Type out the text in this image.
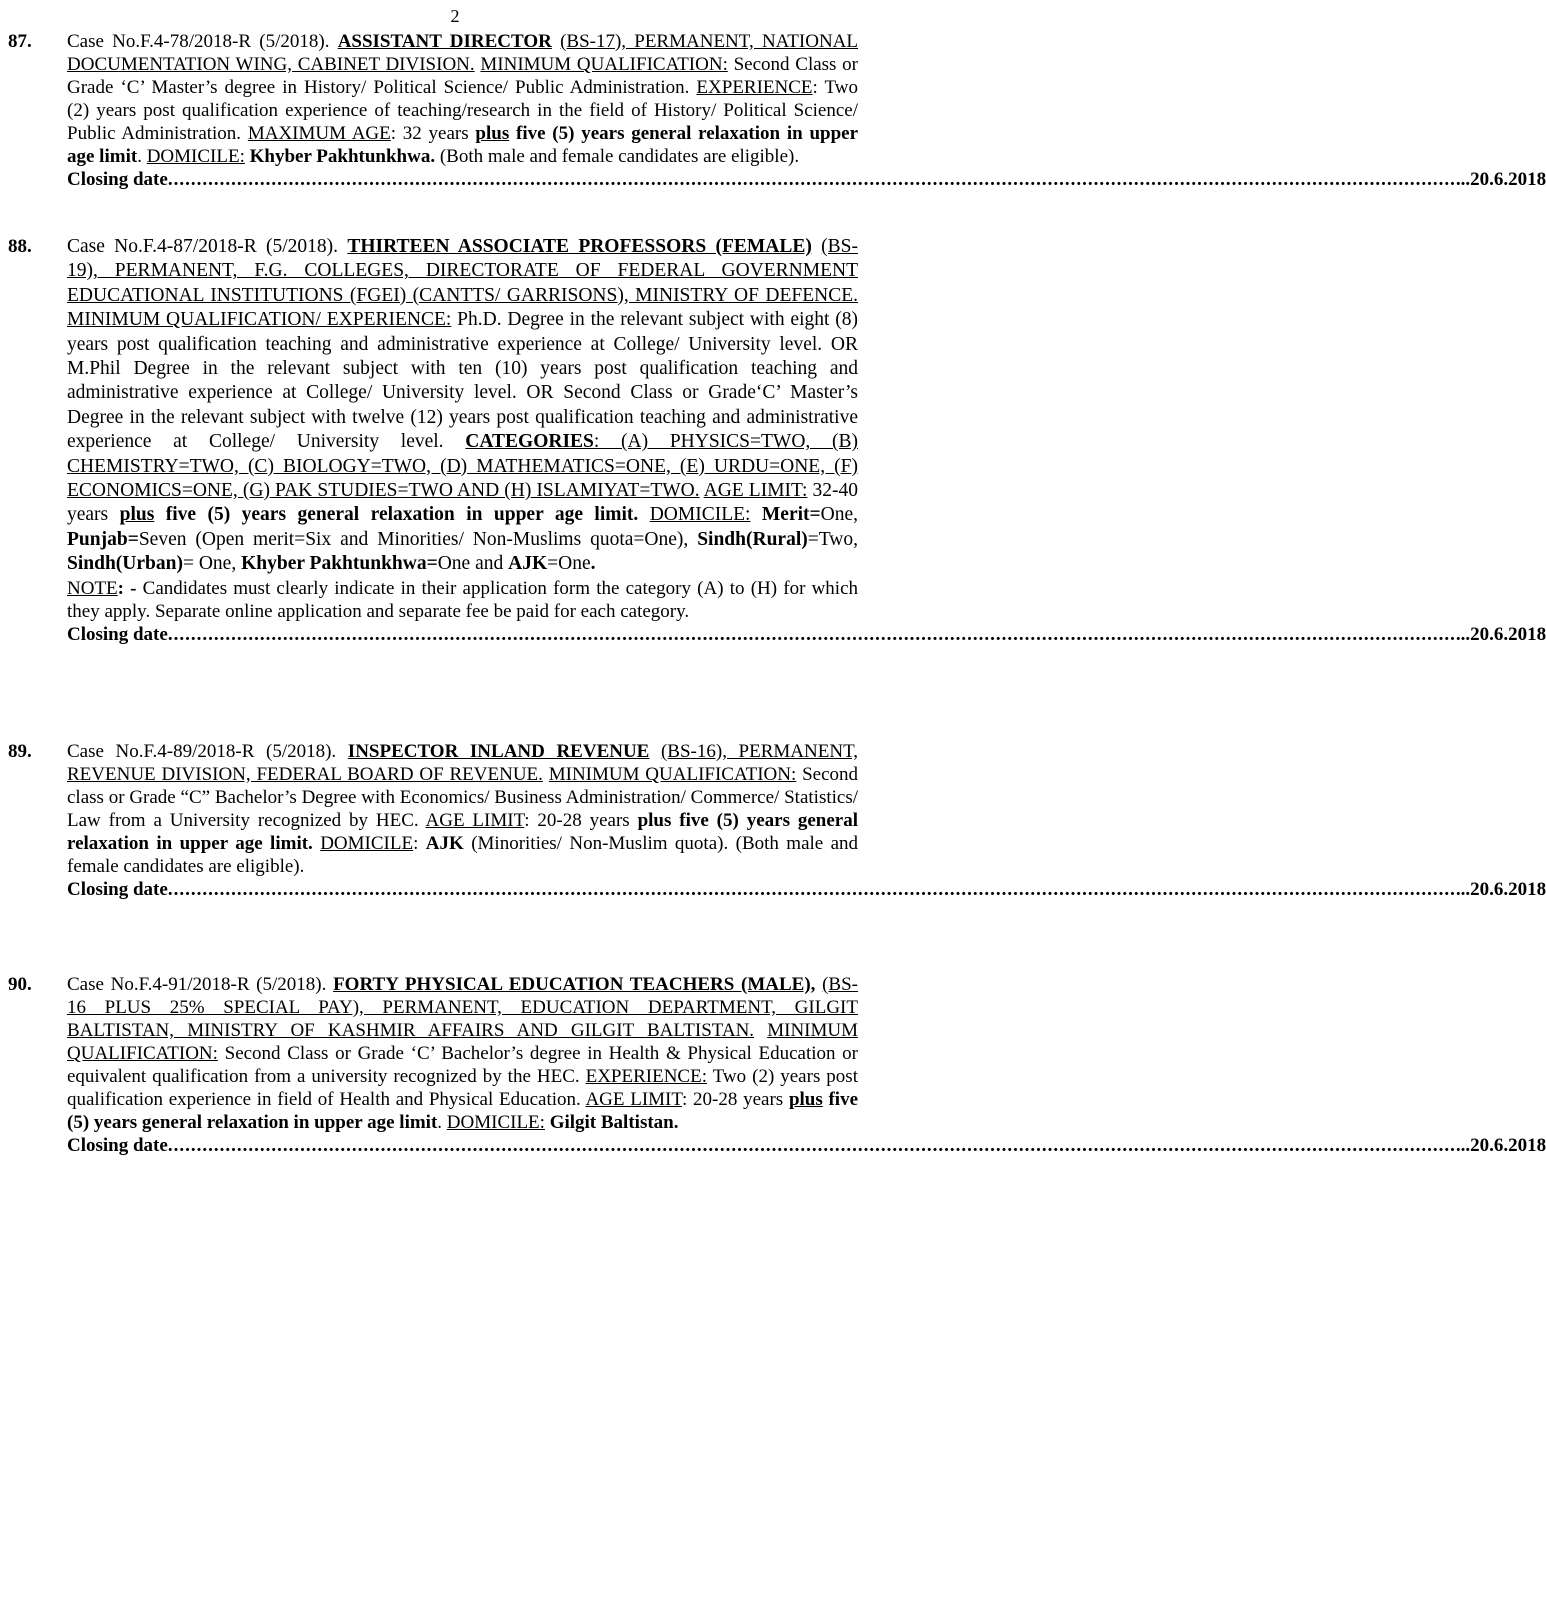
2
87.	Case No.F.4-78/2018-R (5/2018). ASSISTANT DIRECTOR (BS-17), PERMANENT, NATIONAL DOCUMENTATION WING, CABINET DIVISION. MINIMUM QUALIFICATION: Second Class or Grade ‘C’ Master’s degree in History/ Political Science/ Public Administration. EXPERIENCE: Two (2) years post qualification experience of teaching/research in the field of History/ Political Science/ Public Administration. MAXIMUM AGE: 32 years plus five (5) years general relaxation in upper age limit. DOMICILE: Khyber Pakhtunkhwa. (Both male and female candidates are eligible).
Closing date ................................................................................................................................................................................................................................ ...20.6.2018
88.	Case No.F.4-87/2018-R (5/2018). THIRTEEN ASSOCIATE PROFESSORS (FEMALE) (BS-19), PERMANENT, F.G. COLLEGES, DIRECTORATE OF FEDERAL GOVERNMENT EDUCATIONAL INSTITUTIONS (FGEI) (CANTTS/ GARRISONS), MINISTRY OF DEFENCE. MINIMUM QUALIFICATION/ EXPERIENCE: Ph.D. Degree in the relevant subject with eight (8) years post qualification teaching and administrative experience at College/ University level. OR M.Phil Degree in the relevant subject with ten (10) years post qualification teaching and administrative experience at College/ University level. OR Second Class or Grade‘C’ Master’s Degree in the relevant subject with twelve (12) years post qualification teaching and administrative experience at College/ University level. CATEGORIES: (A) PHYSICS=TWO, (B) CHEMISTRY=TWO, (C) BIOLOGY=TWO, (D) MATHEMATICS=ONE, (E) URDU=ONE, (F) ECONOMICS=ONE, (G) PAK STUDIES=TWO AND (H) ISLAMIYAT=TWO. AGE LIMIT: 32-40 years plus five (5) years general relaxation in upper age limit. DOMICILE: Merit=One, Punjab=Seven (Open merit=Six and Minorities/ Non-Muslims quota=One), Sindh(Rural)=Two, Sindh(Urban)= One, Khyber Pakhtunkhwa=One and AJK=One.
NOTE: - Candidates must clearly indicate in their application form the category (A) to (H) for which they apply. Separate online application and separate fee be paid for each category.
Closing date ................................................................................................................................................................................................................................ ...20.6.2018
89.	Case No.F.4-89/2018-R (5/2018). INSPECTOR INLAND REVENUE (BS-16), PERMANENT, REVENUE DIVISION, FEDERAL BOARD OF REVENUE. MINIMUM QUALIFICATION: Second class or Grade “C” Bachelor’s Degree with Economics/ Business Administration/ Commerce/ Statistics/ Law from a University recognized by HEC. AGE LIMIT: 20-28 years plus five (5) years general relaxation in upper age limit. DOMICILE: AJK (Minorities/ Non-Muslim quota). (Both male and female candidates are eligible).
Closing date ................................................................................................................................................................................................................................ ...20.6.2018
90.	Case No.F.4-91/2018-R (5/2018). FORTY PHYSICAL EDUCATION TEACHERS (MALE), (BS-16 PLUS 25% SPECIAL PAY), PERMANENT, EDUCATION DEPARTMENT, GILGIT BALTISTAN, MINISTRY OF KASHMIR AFFAIRS AND GILGIT BALTISTAN. MINIMUM QUALIFICATION: Second Class or Grade ‘C’ Bachelor’s degree in Health & Physical Education or equivalent qualification from a university recognized by the HEC. EXPERIENCE: Two (2) years post qualification experience in field of Health and Physical Education. AGE LIMIT: 20-28 years plus five (5) years general relaxation in upper age limit. DOMICILE: Gilgit Baltistan.
Closing date ................................................................................................................................................................................................................................ ...20.6.2018
